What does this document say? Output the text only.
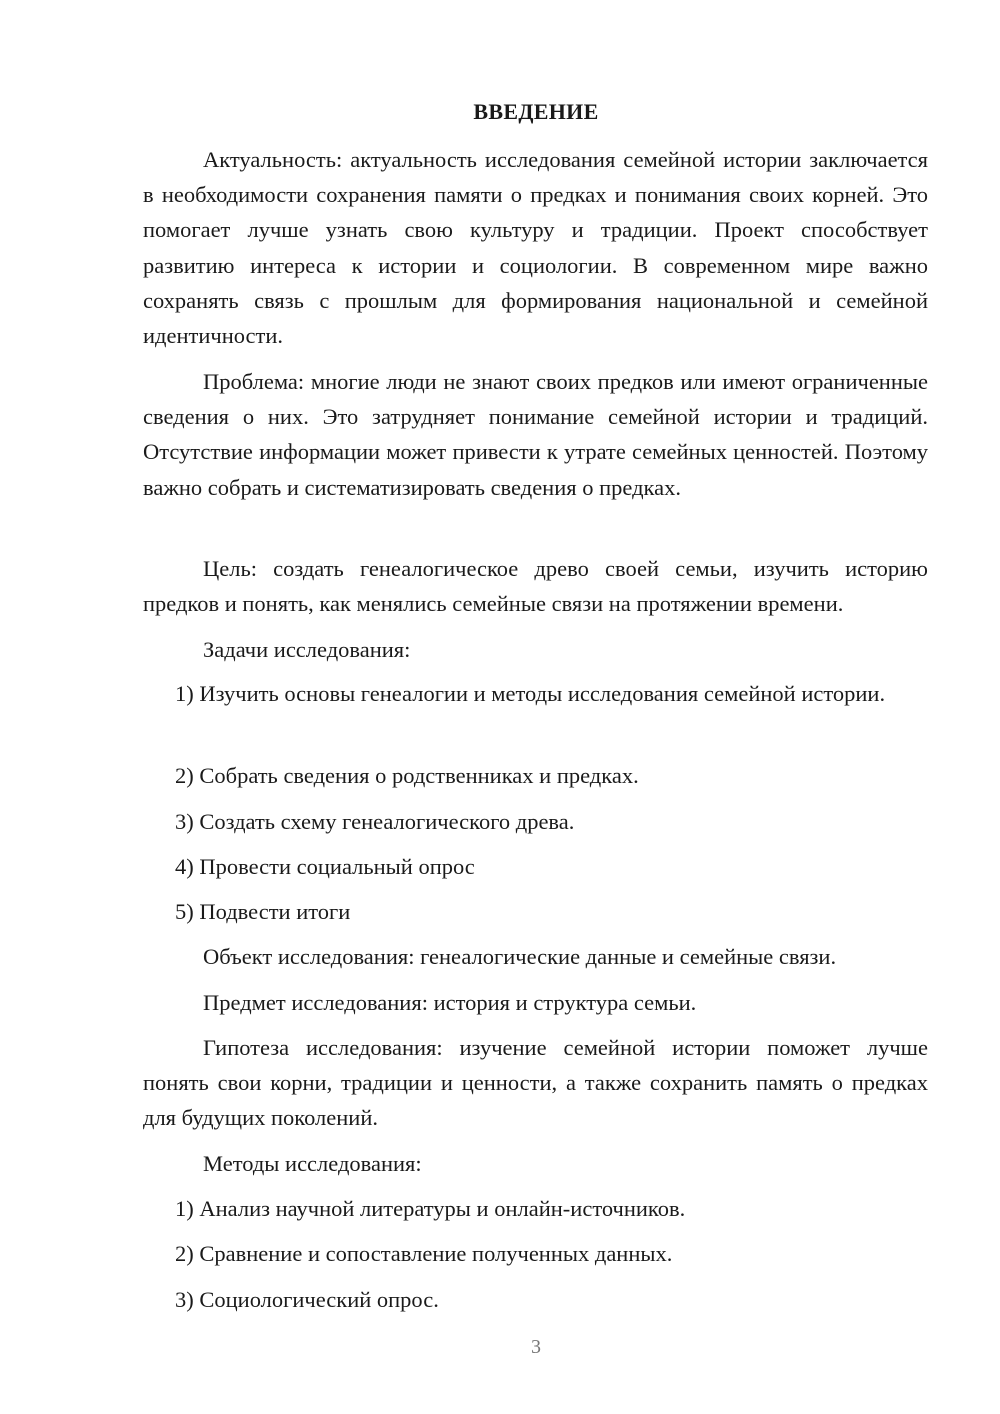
ВВЕДЕНИЕ

Актуальность: актуальность исследования семейной истории заключается в необходимости сохранения памяти о предках и понимания своих корней. Это помогает лучше узнать свою культуру и традиции. Проект способствует развитию интереса к истории и социологии. В современном мире важно сохранять связь с прошлым для формирования национальной и семейной идентичности.

Проблема: многие люди не знают своих предков или имеют ограниченные сведения о них. Это затрудняет понимание семейной истории и традиций. Отсутствие информации может привести к утрате семейных ценностей. Поэтому важно собрать и систематизировать сведения о предках.

Цель: создать генеалогическое древо своей семьи, изучить историю предков и понять, как менялись семейные связи на протяжении времени.

Задачи исследования:

1) Изучить основы генеалогии и методы исследования семейной истории.

2) Собрать сведения о родственниках и предках.

3) Создать схему генеалогического древа.

4) Провести социальный опрос

5) Подвести итоги

Объект исследования: генеалогические данные и семейные связи.

Предмет исследования: история и структура семьи.

Гипотеза исследования: изучение семейной истории поможет лучше понять свои корни, традиции и ценности, а также сохранить память о предках для будущих поколений.

Методы исследования:

1) Анализ научной литературы и онлайн-источников.

2) Сравнение и сопоставление полученных данных.

3) Социологический опрос.

3
